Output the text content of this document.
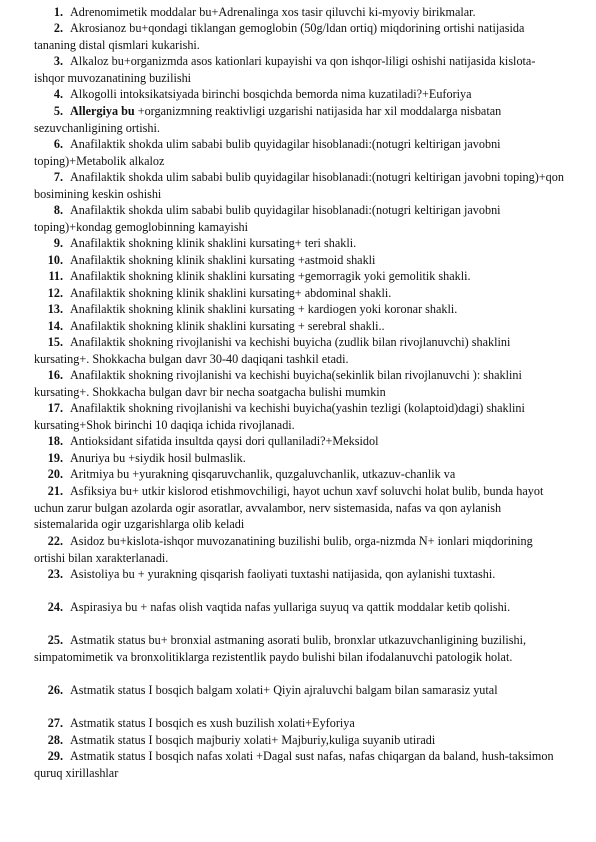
1. Adrenomimetik moddalar bu+Adrenalinga xos tasir qiluvchi ki-myoviy birikmalar.

2. Akrosianoz bu+qondagi tiklangan gemoglobin (50g/ldan ortiq) miqdorining ortishi natijasida tananing distal qismlari kukarishi.

3. Alkaloz bu+organizmda asos kationlari kupayishi va qon ishqor-liligi oshishi natijasida kislota-ishqor muvozanatining buzilishi

4. Alkogolli intoksikatsiyada birinchi bosqichda bemorda nima kuzatiladi?+Euforiya

5. Allergiya bu +organizmning reaktivligi uzgarishi natijasida har xil moddalarga nisbatan sezuvchanligining ortishi.

6. Anafilaktik shokda ulim sababi bulib quyidagilar hisoblanadi:(notugri keltirigan javobni toping)+Metabolik alkaloz

7. Anafilaktik shokda ulim sababi bulib quyidagilar hisoblanadi:(notugri keltirigan javobni toping)+qon bosimining keskin oshishi

8. Anafilaktik shokda ulim sababi bulib quyidagilar hisoblanadi:(notugri keltirigan javobni toping)+kondag gemoglobinning kamayishi

9. Anafilaktik shokning klinik shaklini kursating+ teri shakli.

10. Anafilaktik shokning klinik shaklini kursating +astmoid shakli

11. Anafilaktik shokning klinik shaklini kursating +gemorragik yoki gemolitik shakli.

12. Anafilaktik shokning klinik shaklini kursating+ abdominal shakli.

13. Anafilaktik shokning klinik shaklini kursating + kardiogen yoki koronar shakli.

14. Anafilaktik shokning klinik shaklini kursating + serebral shakli..

15. Anafilaktik shokning rivojlanishi va kechishi buyicha (zudlik bilan rivojlanuvchi) shaklini kursating+. Shokkacha bulgan davr 30-40 daqiqani tashkil etadi.

16. Anafilaktik shokning rivojlanishi va kechishi buyicha(sekinlik bilan rivojlanuvchi ): shaklini kursating+. Shokkacha bulgan davr bir necha soatgacha bulishi mumkin

17. Anafilaktik shokning rivojlanishi va kechishi buyicha(yashin tezligi (kolaptoid)dagi) shaklini kursating+Shok birinchi 10 daqiqa ichida rivojlanadi.

18. Antioksidant sifatida insultda qaysi dori qullaniladi?+Meksidol

19. Anuriya bu +siydik hosil bulmaslik.

20. Aritmiya bu +yurakning qisqaruvchanlik, quzgaluvchanlik, utkazuv-chanlik va

21. Asfiksiya bu+ utkir kislorod etishmovchiligi, hayot uchun xavf soluvchi holat bulib, bunda hayot uchun zarur bulgan azolarda ogir asoratlar, avvalambor, nerv sistemasida, nafas va qon aylanish sistemalarida ogir uzgarishlarga olib keladi

22. Asidoz bu+kislota-ishqor muvozanatining buzilishi bulib, orga-nizmda N+ ionlari miqdorining ortishi bilan xarakterlanadi.

23. Asistoliya bu + yurakning qisqarish faoliyati tuxtashi natijasida, qon aylanishi tuxtashi.

24. Aspirasiya bu + nafas olish vaqtida nafas yullariga suyuq va qattik moddalar ketib qolishi.

25. Astmatik status bu+ bronxial astmaning asorati bulib, bronxlar utkazuvchanligining buzilishi, simpatomimetik va bronxolitiklarga rezistentlik paydo bulishi bilan ifodalanuvchi patologik holat.

26. Astmatik status I bosqich balgam xolati+ Qiyin ajraluvchi balgam bilan samarasiz yutal

27. Astmatik status I bosqich es xush buzilish xolati+Eyforiya

28. Astmatik status I bosqich majburiy xolati+ Majburiy,kuliga suyanib utiradi

29. Astmatik status I bosqich nafas xolati +Dagal sust nafas, nafas chiqargan da baland, hush-taksimon quruq xirillashlar
